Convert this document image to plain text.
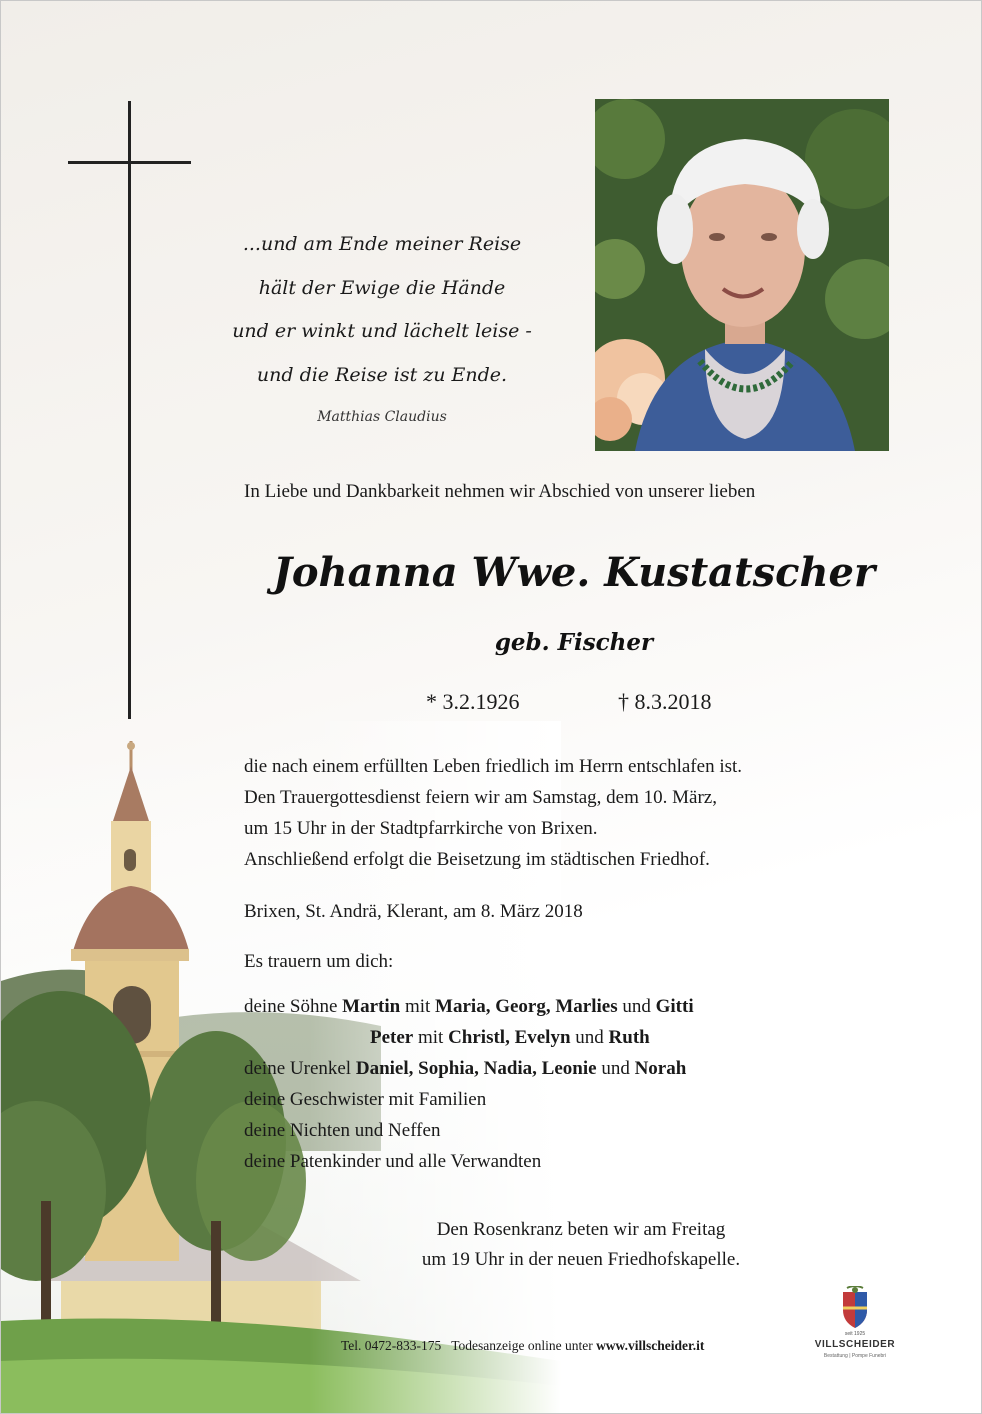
...und am Ende meiner Reise
hält der Ewige die Hände
und er winkt und lächelt leise -
und die Reise ist zu Ende.
Matthias Claudius
In Liebe und Dankbarkeit nehmen wir Abschied von unserer lieben
Johanna Wwe. Kustatscher
geb. Fischer
* 3.2.1926	† 8.3.2018

die nach einem erfüllten Leben friedlich im Herrn entschlafen ist.

Den Trauergottesdienst feiern wir am Samstag, dem 10. März,

um 15 Uhr in der Stadtpfarrkirche von Brixen.

Anschließend erfolgt die Beisetzung im städtischen Friedhof.

Brixen, St. Andrä, Klerant, am 8. März 2018
Es trauern um dich:

deine Söhne Martin mit Maria, Georg, Marlies und Gitti

Peter mit Christl, Evelyn und Ruth

deine Urenkel Daniel, Sophia, Nadia, Leonie und Norah

deine Geschwister mit Familien

deine Nichten und Neffen

deine Patenkinder und alle Verwandten

Den Rosenkranz beten wir am Freitag
um 19 Uhr in der neuen Friedhofskapelle.
Tel. 0472-833-175 Todesanzeige online unter www.villscheider.it
seit 1925
VILLSCHEIDER
Bestattung | Pompe Funebri
